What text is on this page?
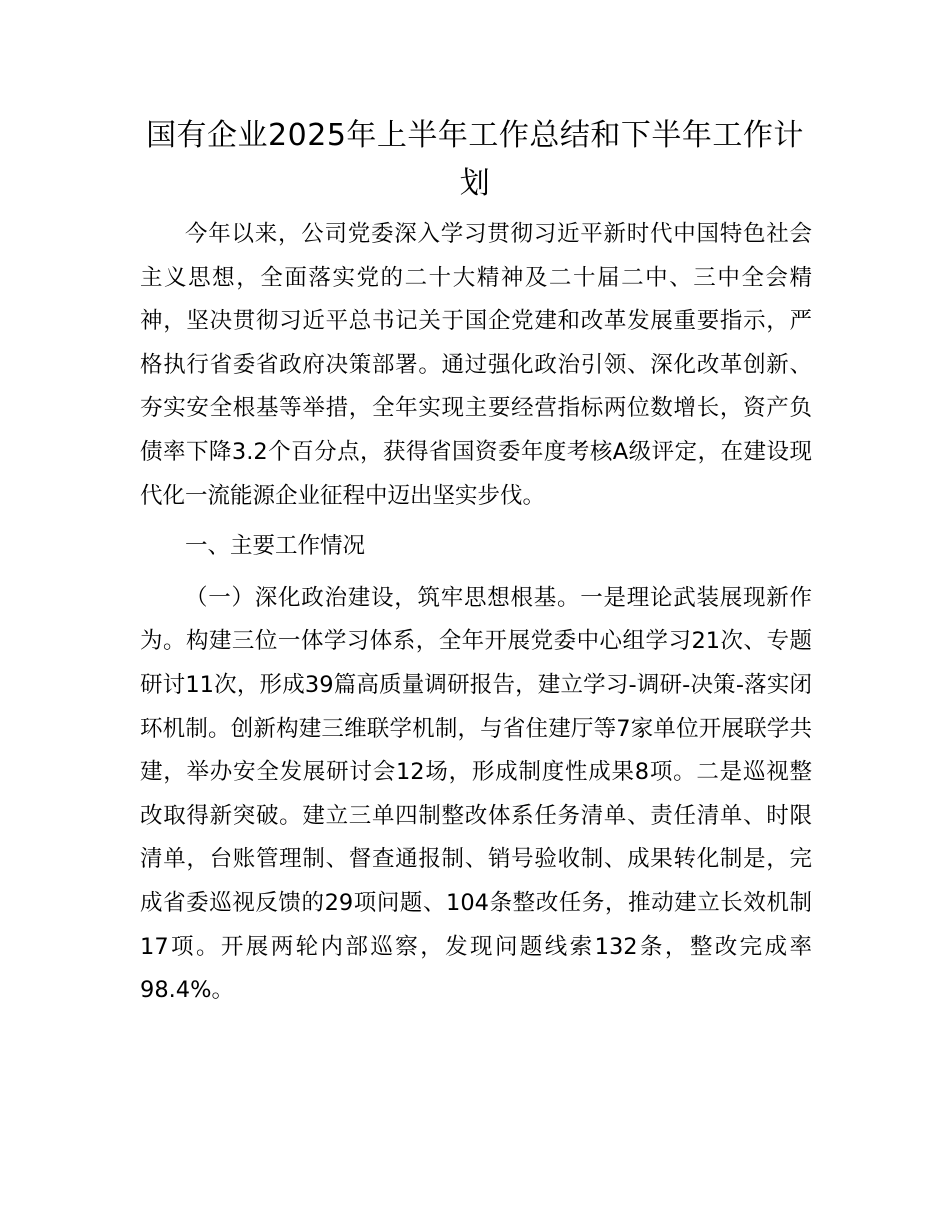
国有企业2025年上半年工作总结和下半年工作计划

今年以来，公司党委深入学习贯彻习近平新时代中国特色社会主义思想，全面落实党的二十大精神及二十届二中、三中全会精神，坚决贯彻习近平总书记关于国企党建和改革发展重要指示，严格执行省委省政府决策部署。通过强化政治引领、深化改革创新、夯实安全根基等举措，全年实现主要经营指标两位数增长，资产负债率下降3.2个百分点，获得省国资委年度考核A级评定，在建设现代化一流能源企业征程中迈出坚实步伐。

一、主要工作情况

（一）深化政治建设，筑牢思想根基。一是理论武装展现新作为。构建三位一体学习体系，全年开展党委中心组学习21次、专题研讨11次，形成39篇高质量调研报告，建立学习-调研-决策-落实闭环机制。创新构建三维联学机制，与省住建厅等7家单位开展联学共建，举办安全发展研讨会12场，形成制度性成果8项。二是巡视整改取得新突破。建立三单四制整改体系任务清单、责任清单、时限清单，台账管理制、督查通报制、销号验收制、成果转化制是，完成省委巡视反馈的29项问题、104条整改任务，推动建立长效机制17项。开展两轮内部巡察，发现问题线索132条，整改完成率98.4%。
